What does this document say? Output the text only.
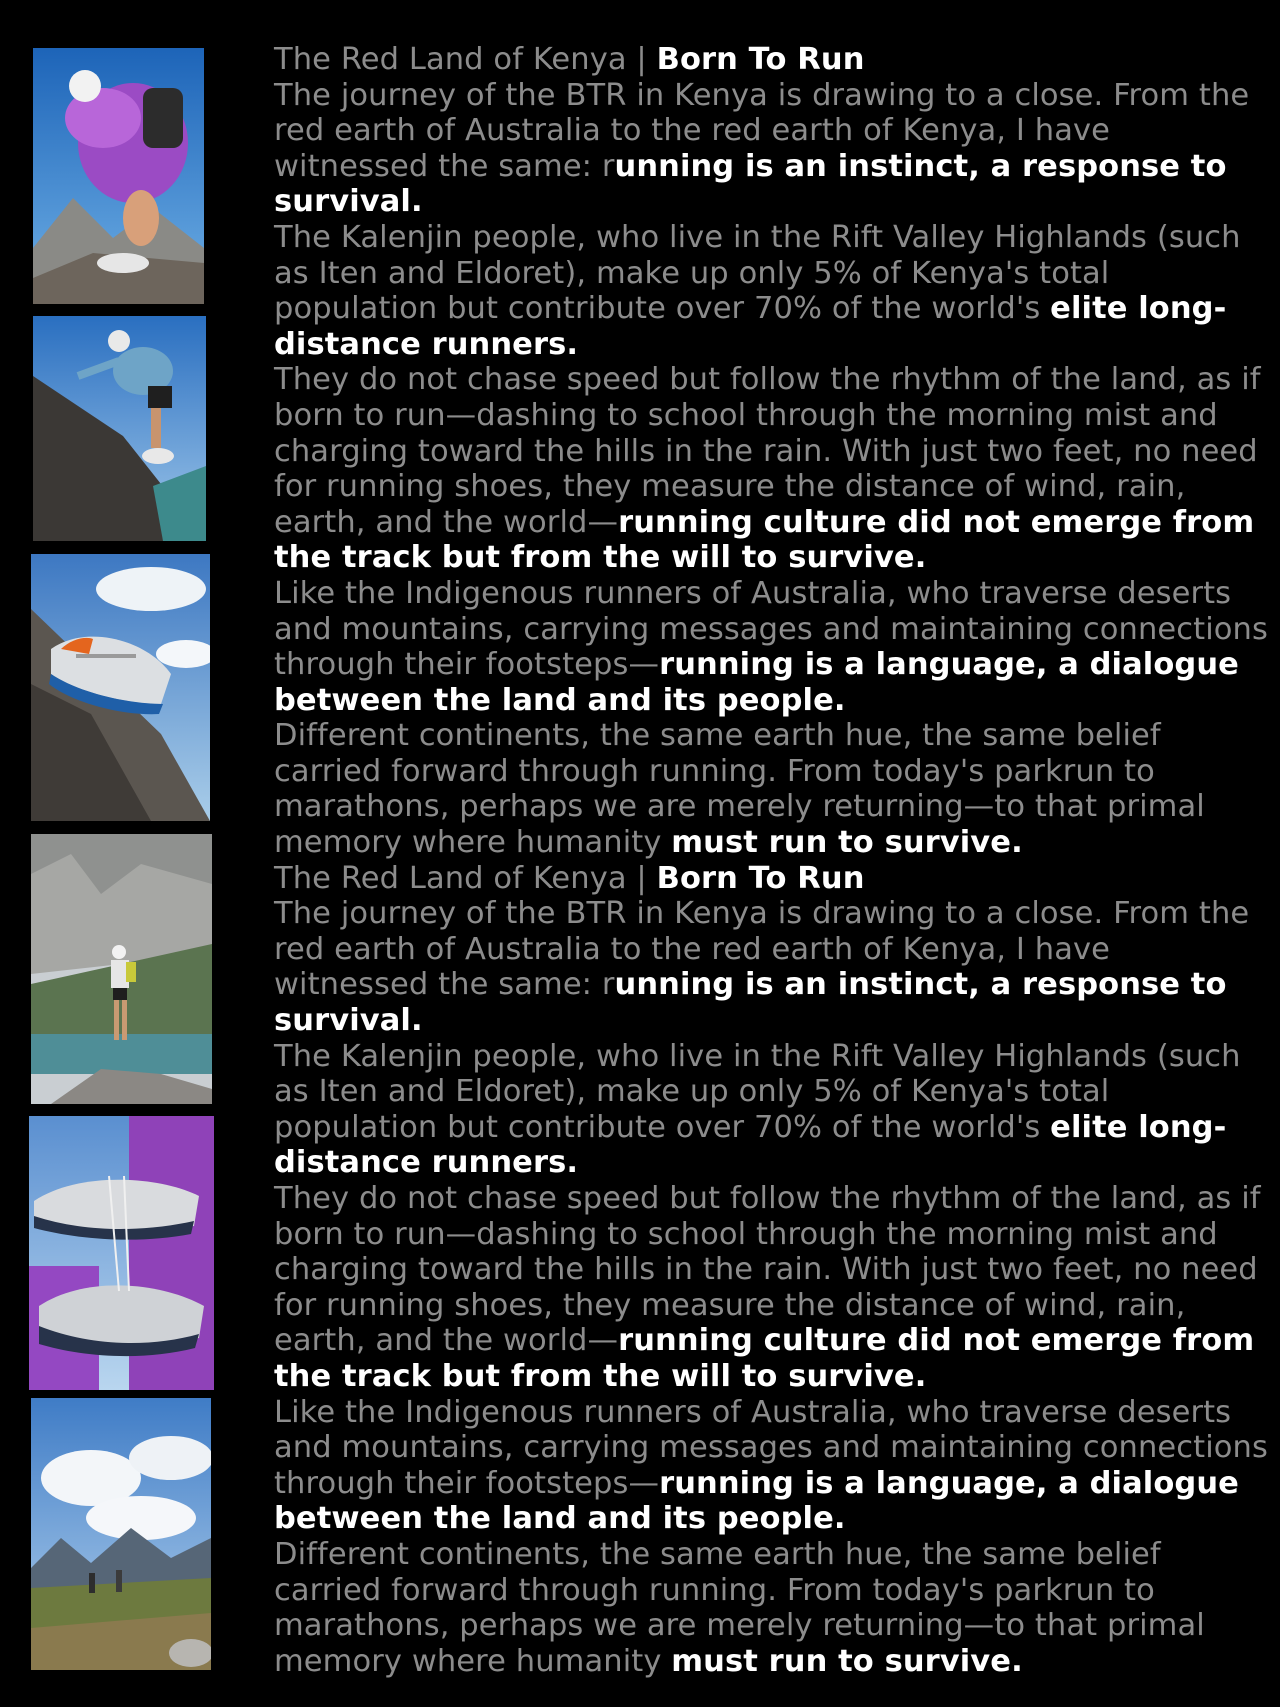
The Red Land of Kenya | Born To Run

The journey of the BTR in Kenya is drawing to a close. From the red earth of Australia to the red earth of Kenya, I have witnessed the same: running is an instinct, a response to survival.

The Kalenjin people, who live in the Rift Valley Highlands (such as Iten and Eldoret), make up only 5% of Kenya's total population but contribute over 70% of the world's elite long-distance runners.

They do not chase speed but follow the rhythm of the land, as if born to run—dashing to school through the morning mist and charging toward the hills in the rain. With just two feet, no need for running shoes, they measure the distance of wind, rain, earth, and the world—running culture did not emerge from the track but from the will to survive.

Like the Indigenous runners of Australia, who traverse deserts and mountains, carrying messages and maintaining connections through their footsteps—running is a language, a dialogue between the land and its people.

Different continents, the same earth hue, the same belief carried forward through running. From today's parkrun to marathons, perhaps we are merely returning—to that primal memory where humanity must run to survive.

The Red Land of Kenya | Born To Run

The journey of the BTR in Kenya is drawing to a close. From the red earth of Australia to the red earth of Kenya, I have witnessed the same: running is an instinct, a response to survival.

The Kalenjin people, who live in the Rift Valley Highlands (such as Iten and Eldoret), make up only 5% of Kenya's total population but contribute over 70% of the world's elite long-distance runners.

They do not chase speed but follow the rhythm of the land, as if born to run—dashing to school through the morning mist and charging toward the hills in the rain. With just two feet, no need for running shoes, they measure the distance of wind, rain, earth, and the world—running culture did not emerge from the track but from the will to survive.

Like the Indigenous runners of Australia, who traverse deserts and mountains, carrying messages and maintaining connections through their footsteps—running is a language, a dialogue between the land and its people.

Different continents, the same earth hue, the same belief carried forward through running. From today's parkrun to marathons, perhaps we are merely returning—to that primal memory where humanity must run to survive.
